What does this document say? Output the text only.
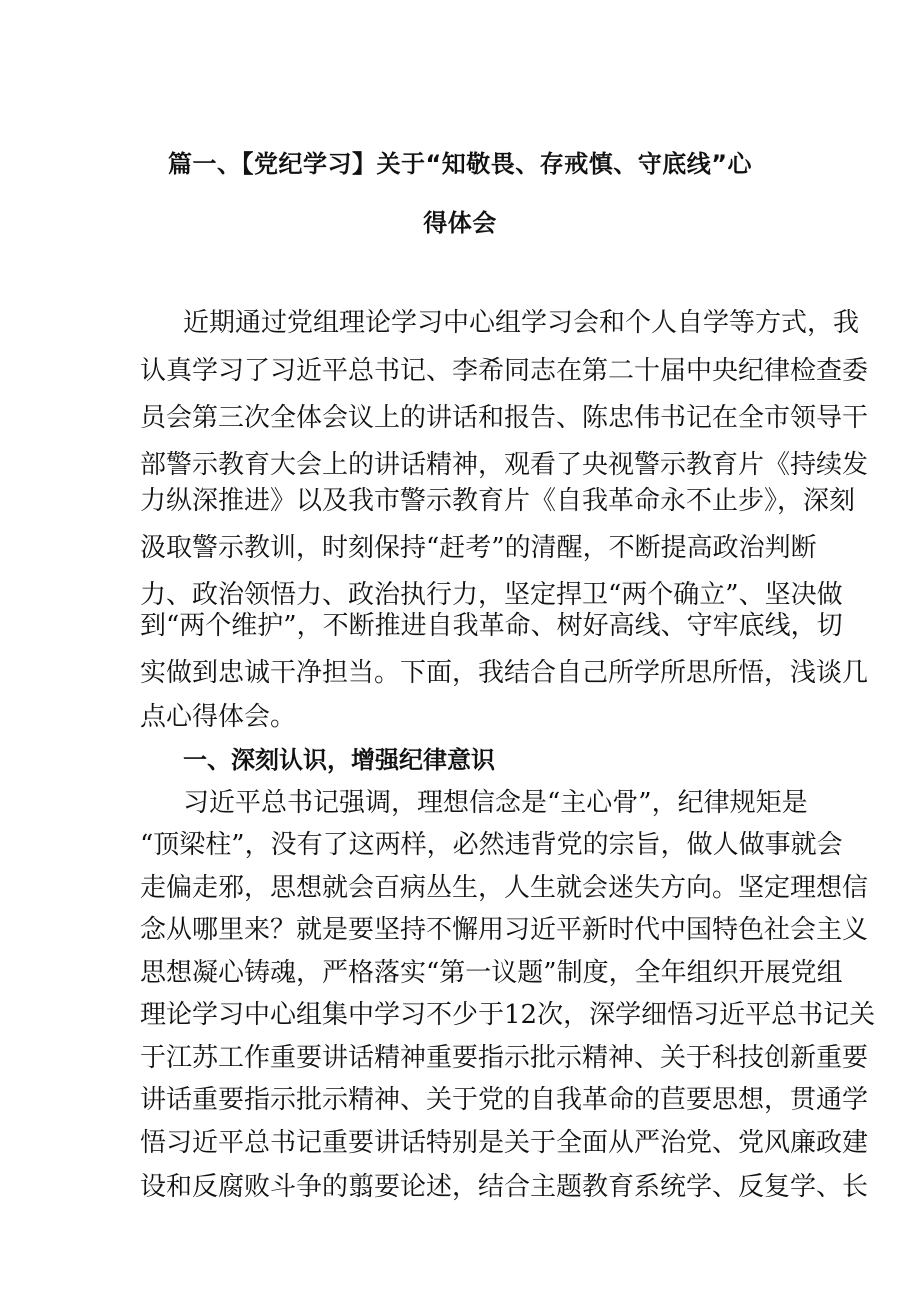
篇一、【党纪学习】关于“知敬畏、存戒慎、守底线”心
得体会
近期通过党组理论学习中心组学习会和个人自学等方式，我
认真学习了习近平总书记、李希同志在第二十届中央纪律检查委
员会第三次全体会议上的讲话和报告、陈忠伟书记在全市领导干
部警示教育大会上的讲话精神，观看了央视警示教育片《持续发
力纵深推进》以及我市警示教育片《自我革命永不止步》，深刻
汲取警示教训，时刻保持“赶考”的清醒，不断提高政治判断
力、政治领悟力、政治执行力，坚定捍卫“两个确立”、坚决做
到“两个维护”，不断推进自我革命、树好高线、守牢底线，切
实做到忠诚干净担当。下面，我结合自己所学所思所悟，浅谈几
点心得体会。
一、深刻认识，增强纪律意识
习近平总书记强调，理想信念是“主心骨”，纪律规矩是
“顶梁柱”，没有了这两样，必然违背党的宗旨，做人做事就会
走偏走邪，思想就会百病丛生，人生就会迷失方向。坚定理想信
念从哪里来？就是要坚持不懈用习近平新时代中国特色社会主义
思想凝心铸魂，严格落实“第一议题”制度，全年组织开展党组
理论学习中心组集中学习不少于12次，深学细悟习近平总书记关
于江苏工作重要讲话精神重要指示批示精神、关于科技创新重要
讲话重要指示批示精神、关于党的自我革命的苣要思想，贯通学
悟习近平总书记重要讲话特别是关于全面从严治党、党风廉政建
设和反腐败斗争的翦要论述，结合主题教育系统学、反复学、长
